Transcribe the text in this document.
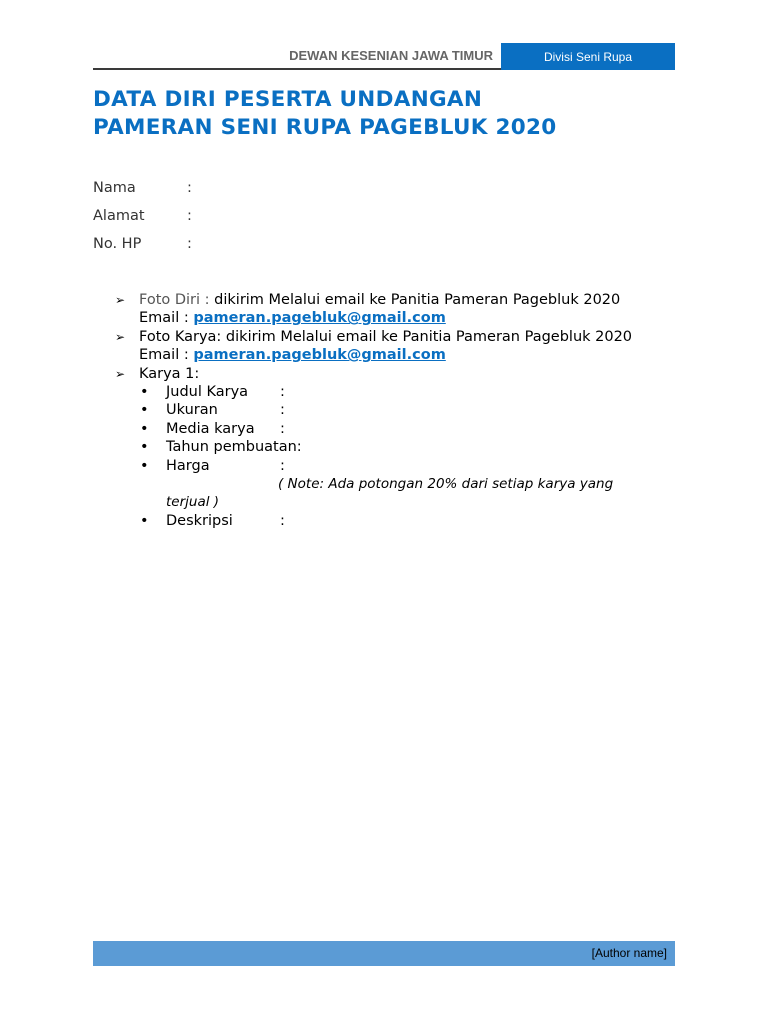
DEWAN KESENIAN JAWA TIMUR	Divisi Seni Rupa
DATA DIRI PESERTA UNDANGAN
PAMERAN SENI RUPA PAGEBLUK 2020
Nama	:
Alamat	:
No. HP	:
➢ Foto Diri : dikirim Melalui email ke Panitia Pameran Pagebluk 2020
Email : pameran.pagebluk@gmail.com
➢ Foto Karya: dikirim Melalui email ke Panitia Pameran Pagebluk 2020
Email : pameran.pagebluk@gmail.com
➢ Karya 1:
• Judul Karya :
• Ukuran	:
• Media karya :
• Tahun pembuatan:
• Harga	:
( Note: Ada potongan 20% dari setiap karya yang
terjual )
• Deskripsi	:
[Author name]
